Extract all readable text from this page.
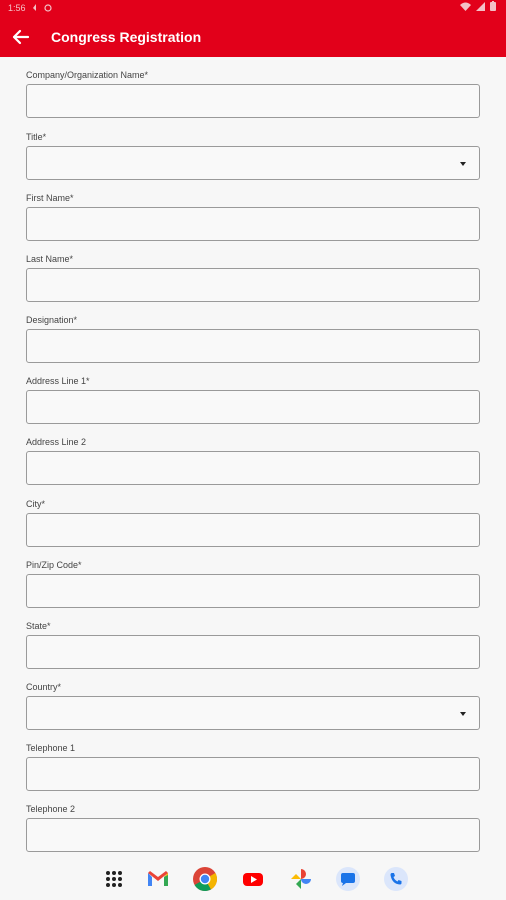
1:56
Congress Registration
Company/Organization Name*
Title*
First Name*
Last Name*
Designation*
Address Line 1*
Address Line 2
City*
Pin/Zip Code*
State*
Country*
Telephone 1
Telephone 2
